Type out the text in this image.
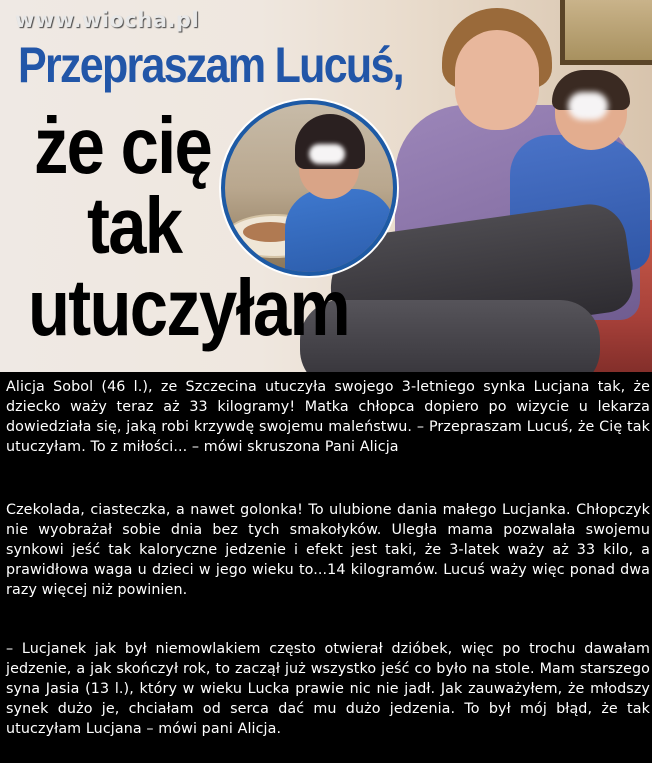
www.wiocha.pl
Przepraszam Lucuś,
że cię
tak
utuczyłam
Alicja Sobol (46 l.), ze Szczecina utuczyła swojego 3-letniego synka Lucjana tak, że dziecko waży teraz aż 33 kilogramy! Matka chłopca dopiero po wizycie u lekarza dowiedziała się, jaką robi krzywdę swojemu maleństwu. – Przepraszam Lucuś, że Cię tak utuczyłam. To z miłości... – mówi skruszona Pani Alicja
Czekolada, ciasteczka, a nawet golonka! To ulubione dania małego Lucjanka. Chłopczyk nie wyobrażał sobie dnia bez tych smakołyków. Uległa mama pozwalała swojemu synkowi jeść tak kaloryczne jedzenie i efekt jest taki, że 3-latek waży aż 33 kilo, a prawidłowa waga u dzieci w jego wieku to...14 kilogramów. Lucuś waży więc ponad dwa razy więcej niż powinien.
– Lucjanek jak był niemowlakiem często otwierał dzióbek, więc po trochu dawałam jedzenie, a jak skończył rok, to zaczął już wszystko jeść co było na stole. Mam starszego syna Jasia (13 l.), który w wieku Lucka prawie nic nie jadł. Jak zauważyłem, że młodszy synek dużo je, chciałam od serca dać mu dużo jedzenia. To był mój błąd, że tak utuczyłam Lucjana – mówi pani Alicja.
